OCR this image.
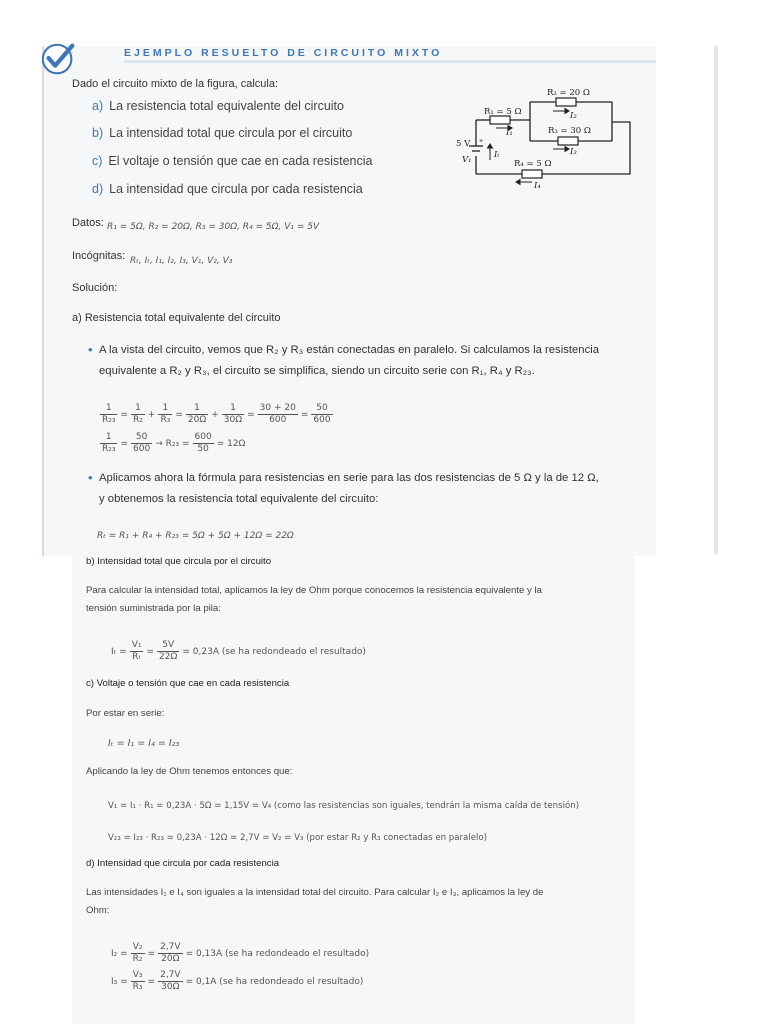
EJEMPLO RESUELTO DE CIRCUITO MIXTO
Dado el circuito mixto de la figura, calcula:
a) La resistencia total equivalente del circuito
b) La intensidad total que circula por el circuito
c) El voltaje o tensión que cae en cada resistencia
d) La intensidad que circula por cada resistencia
R₂ = 20 Ω
R₁ = 5 Ω
R₃ = 30 Ω
R₄ = 5 Ω
5 V
V₁	Iₜ
I₁
I₂
I₃
I₄
+
Datos: R₁ = 5Ω, R₂ = 20Ω, R₃ = 30Ω, R₄ = 5Ω, V₁ = 5V
Incógnitas: Rₜ, Iₜ, I₁, I₂, I₃, V₁, V₂, V₃
Solución:
a) Resistencia total equivalente del circuito
• A la vista del circuito, vemos que R₂ y R₃ están conectadas en paralelo. Si calculamos la resistencia
equivalente a R₂ y R₃, el circuito se simplifica, siendo un circuito serie con R₁, R₄ y R₂₃.
$\frac{1}{\text{R₂₃}} = \frac{1}{\text{R₂}} + \frac{1}{\text{R₃}} = \frac{1}{20\Omega} + \frac{1}{30\Omega} = \frac{30 + 20}{600} = \frac{50}{600}$
$\frac{1}{\text{R₂₃}} = \frac{50}{600} \to R_{23} = \frac{600}{50} = 12\Omega$
• Aplicamos ahora la fórmula para resistencias en serie para las dos resistencias de 5 Ω y la de 12 Ω,
y obtenemos la resistencia total equivalente del circuito:
Rₜ = R₁ + R₄ + R₂₃ = 5Ω + 5Ω + 12Ω = 22Ω
b) Intensidad total que circula por el circuito
Para calcular la intensidad total, aplicamos la ley de Ohm porque conocemos la resistencia equivalente y la
tensión suministrada por la pila:
$I_t = \frac{\text{V₁}}{\text{Rₜ}} = \frac{5V}{22\Omega} = 0,23A$ (se ha redondeado el resultado)
c) Voltaje o tensión que cae en cada resistencia
Por estar en serie:
Iₜ = I₁ = I₄ = I₂₃
Aplicando la ley de Ohm tenemos entonces que:
V₁ = I₁ · R₁ = 0,23A · 5Ω = 1,15V = V₄ (como las resistencias son iguales, tendrán la misma caída de tensión)
V₂₃ = I₂₃ · R₂₃ = 0,23A · 12Ω = 2,7V = V₂ = V₃ (por estar R₂ y R₃ conectadas en paralelo)
d) Intensidad que circula por cada resistencia
Las intensidades I₁ e I₄ son iguales a la intensidad total del circuito. Para calcular I₂ e I₃, aplicamos la ley de
Ohm:
$I_2 = \frac{\text{V₂}}{\text{R₂}} = \frac{2,7V}{20\Omega} = 0,13A$ (se ha redondeado el resultado)
$I_3 = \frac{\text{V₃}}{\text{R₃}} = \frac{2,7V}{30\Omega} = 0,1A$ (se ha redondeado el resultado)
